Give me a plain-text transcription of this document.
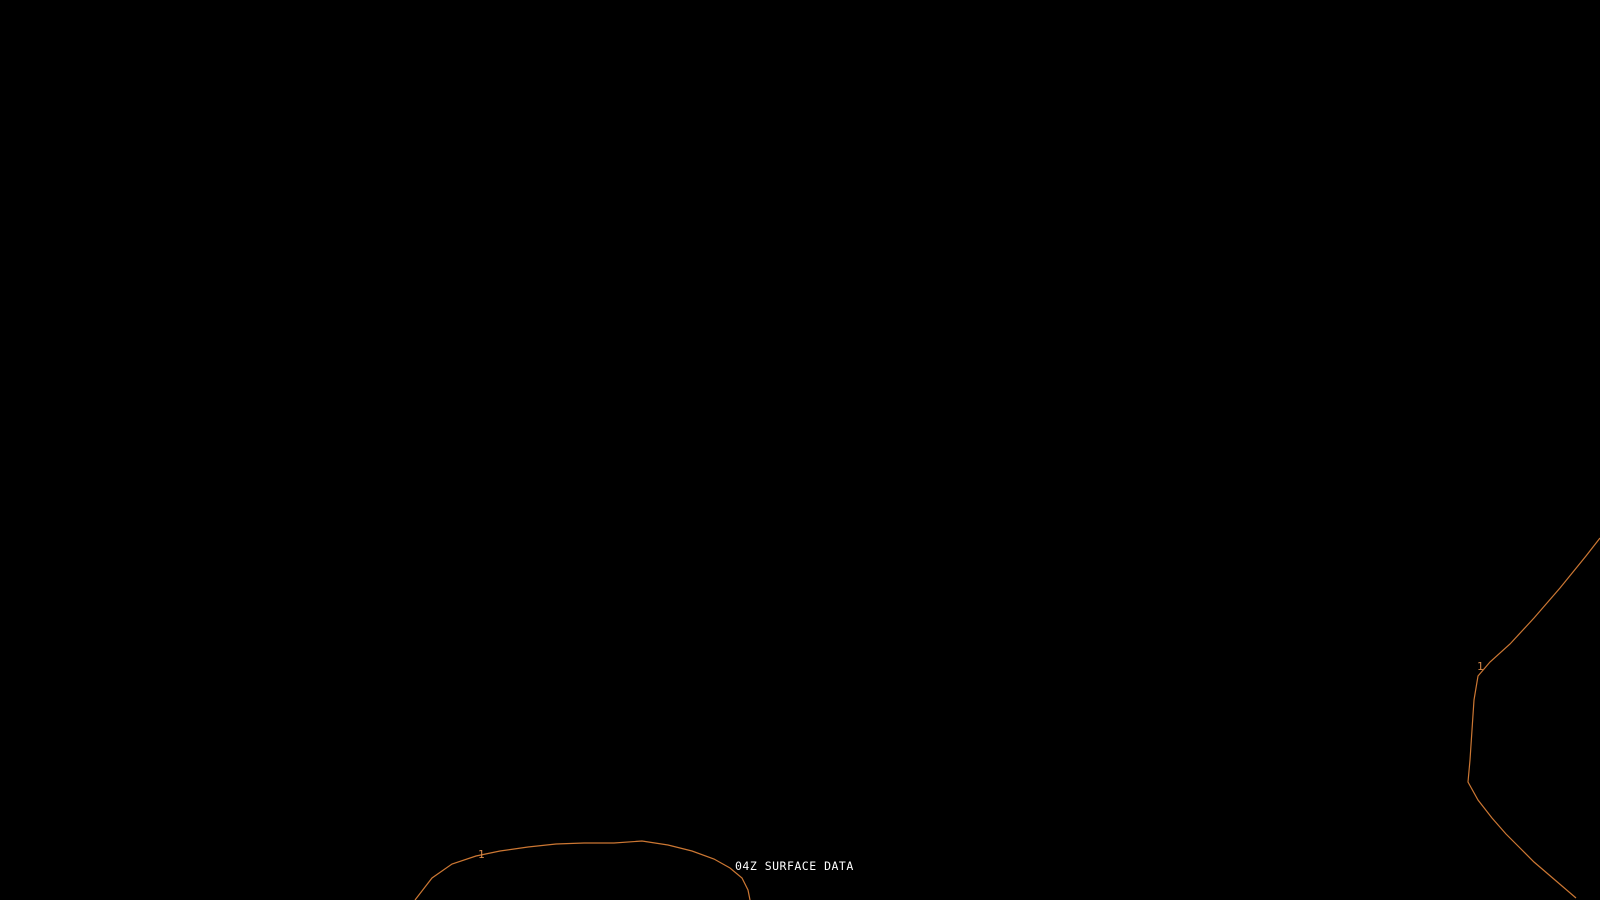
1
1
04Z SURFACE DATA
